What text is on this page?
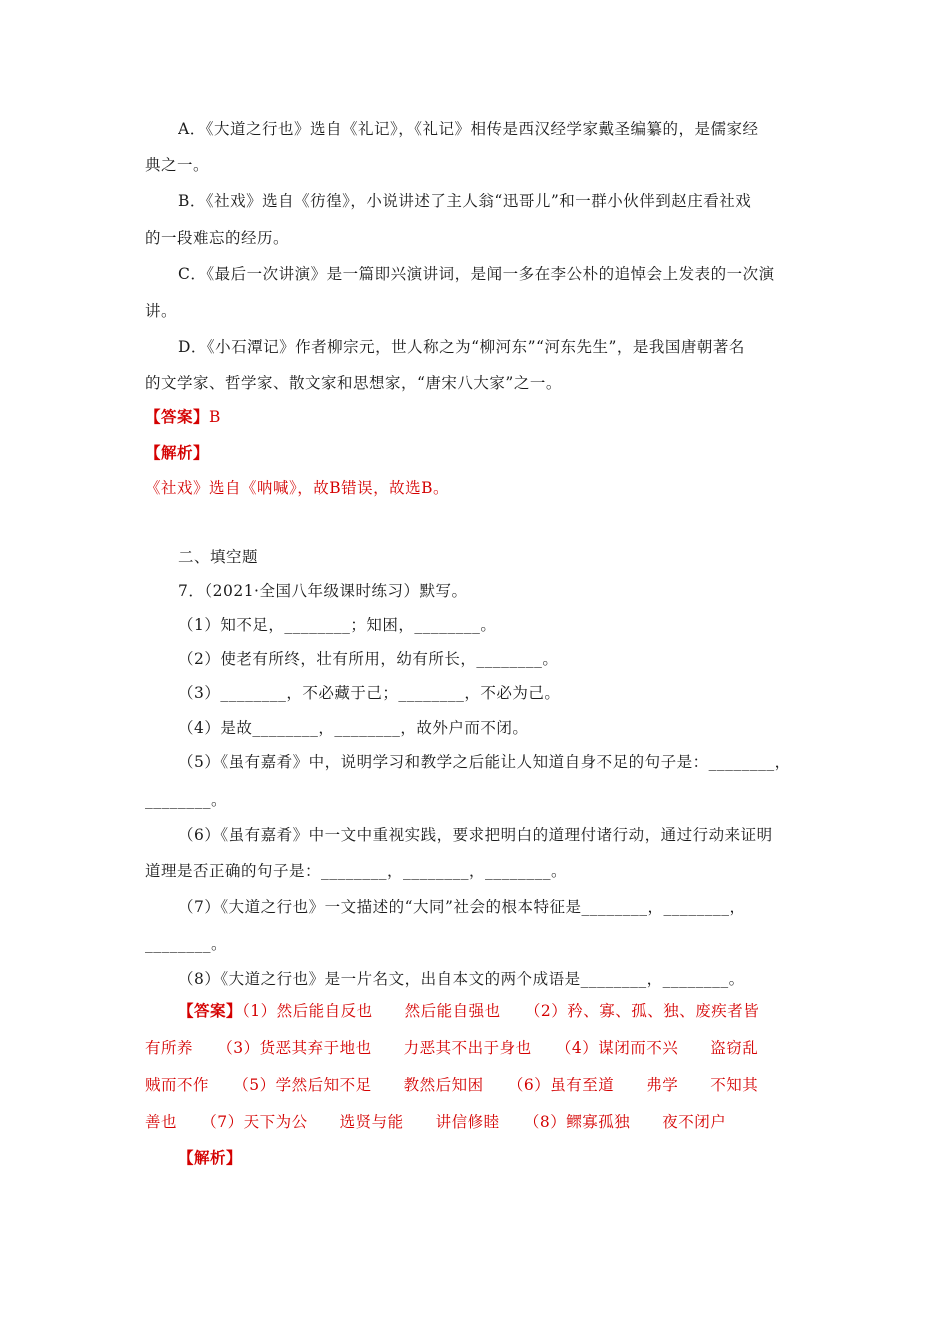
A．《大道之行也》选自《礼记》，《礼记》相传是西汉经学家戴圣编纂的，是儒家经
典之一。
B．《社戏》选自《彷徨》，小说讲述了主人翁“迅哥儿”和一群小伙伴到赵庄看社戏
的一段难忘的经历。
C．《最后一次讲演》是一篇即兴演讲词，是闻一多在李公朴的追悼会上发表的一次演
讲。
D．《小石潭记》作者柳宗元，世人称之为“柳河东”“河东先生”，是我国唐朝著名
的文学家、哲学家、散文家和思想家，“唐宋八大家”之一。
【答案】B
【解析】
《社戏》选自《呐喊》，故B错误，故选B。
二、填空题
7．（2021·全国八年级课时练习）默写。
（1）知不足，________；知困，________。
（2）使老有所终，壮有所用，幼有所长，________。
（3）________，不必藏于己；________，不必为己。
（4）是故________，________，故外户而不闭。
（5）《虽有嘉肴》中，说明学习和教学之后能让人知道自身不足的句子是：________，
________。
（6）《虽有嘉肴》中一文中重视实践，要求把明白的道理付诸行动，通过行动来证明
道理是否正确的句子是：________，________，________。
（7）《大道之行也》一文描述的“大同”社会的根本特征是________，________，
________。
（8）《大道之行也》是一片名文，出自本文的两个成语是________，________。
【答案】（1）然后能自反也　　然后能自强也　　（2）矜、寡、孤、独、废疾者皆
有所养　　（3）货恶其弃于地也　　力恶其不出于身也　　（4）谋闭而不兴　　盗窃乱
贼而不作　　（5）学然后知不足　　教然后知困　　（6）虽有至道　　弗学　　不知其
善也　　（7）天下为公　　选贤与能　　讲信修睦　　（8）鳏寡孤独　　夜不闭户
【解析】
